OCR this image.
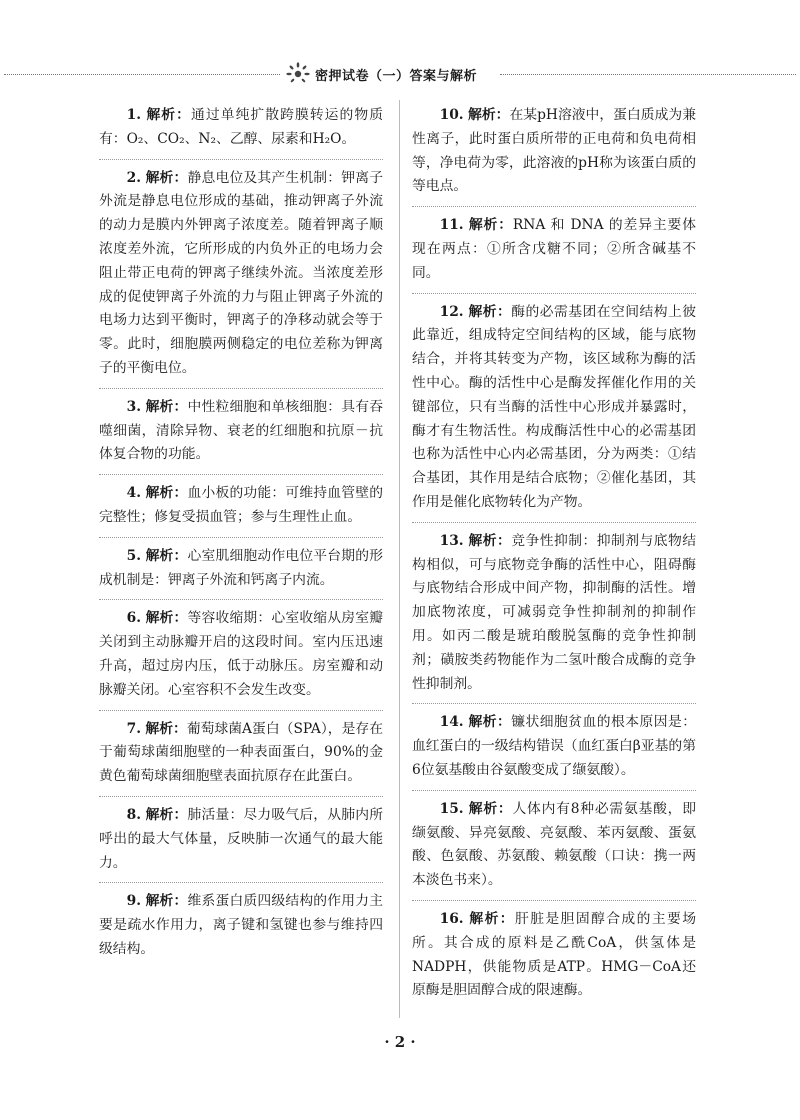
密押试卷（一）答案与解析

1. 解析：通过单纯扩散跨膜转运的物质有：O₂、CO₂、N₂、乙醇、尿素和H₂O。

2. 解析：静息电位及其产生机制：钾离子外流是静息电位形成的基础，推动钾离子外流的动力是膜内外钾离子浓度差。随着钾离子顺浓度差外流，它所形成的内负外正的电场力会阻止带正电荷的钾离子继续外流。当浓度差形成的促使钾离子外流的力与阻止钾离子外流的电场力达到平衡时，钾离子的净移动就会等于零。此时，细胞膜两侧稳定的电位差称为钾离子的平衡电位。

3. 解析：中性粒细胞和单核细胞：具有吞噬细菌，清除异物、衰老的红细胞和抗原－抗体复合物的功能。

4. 解析：血小板的功能：可维持血管壁的完整性；修复受损血管；参与生理性止血。

5. 解析：心室肌细胞动作电位平台期的形成机制是：钾离子外流和钙离子内流。

6. 解析：等容收缩期：心室收缩从房室瓣关闭到主动脉瓣开启的这段时间。室内压迅速升高，超过房内压，低于动脉压。房室瓣和动脉瓣关闭。心室容积不会发生改变。

7. 解析：葡萄球菌A蛋白（SPA），是存在于葡萄球菌细胞壁的一种表面蛋白，90%的金黄色葡萄球菌细胞壁表面抗原存在此蛋白。

8. 解析：肺活量：尽力吸气后，从肺内所呼出的最大气体量，反映肺一次通气的最大能力。

9. 解析：维系蛋白质四级结构的作用力主要是疏水作用力，离子键和氢键也参与维持四级结构。

10. 解析：在某pH溶液中，蛋白质成为兼性离子，此时蛋白质所带的正电荷和负电荷相等，净电荷为零，此溶液的pH称为该蛋白质的等电点。

11. 解析：RNA 和 DNA 的差异主要体现在两点：①所含戊糖不同；②所含碱基不同。

12. 解析：酶的必需基团在空间结构上彼此靠近，组成特定空间结构的区域，能与底物结合，并将其转变为产物，该区域称为酶的活性中心。酶的活性中心是酶发挥催化作用的关键部位，只有当酶的活性中心形成并暴露时，酶才有生物活性。构成酶活性中心的必需基团也称为活性中心内必需基团，分为两类：①结合基团，其作用是结合底物；②催化基团，其作用是催化底物转化为产物。

13. 解析：竞争性抑制：抑制剂与底物结构相似，可与底物竞争酶的活性中心，阻碍酶与底物结合形成中间产物，抑制酶的活性。增加底物浓度，可减弱竞争性抑制剂的抑制作用。如丙二酸是琥珀酸脱氢酶的竞争性抑制剂；磺胺类药物能作为二氢叶酸合成酶的竞争性抑制剂。

14. 解析：镰状细胞贫血的根本原因是：血红蛋白的一级结构错误（血红蛋白β亚基的第6位氨基酸由谷氨酸变成了缬氨酸）。

15. 解析：人体内有8种必需氨基酸，即缬氨酸、异亮氨酸、亮氨酸、苯丙氨酸、蛋氨酸、色氨酸、苏氨酸、赖氨酸（口诀：携一两本淡色书来）。

16. 解析：肝脏是胆固醇合成的主要场所。其合成的原料是乙酰CoA，供氢体是NADPH，供能物质是ATP。HMG－CoA还原酶是胆固醇合成的限速酶。

· 2 ·
